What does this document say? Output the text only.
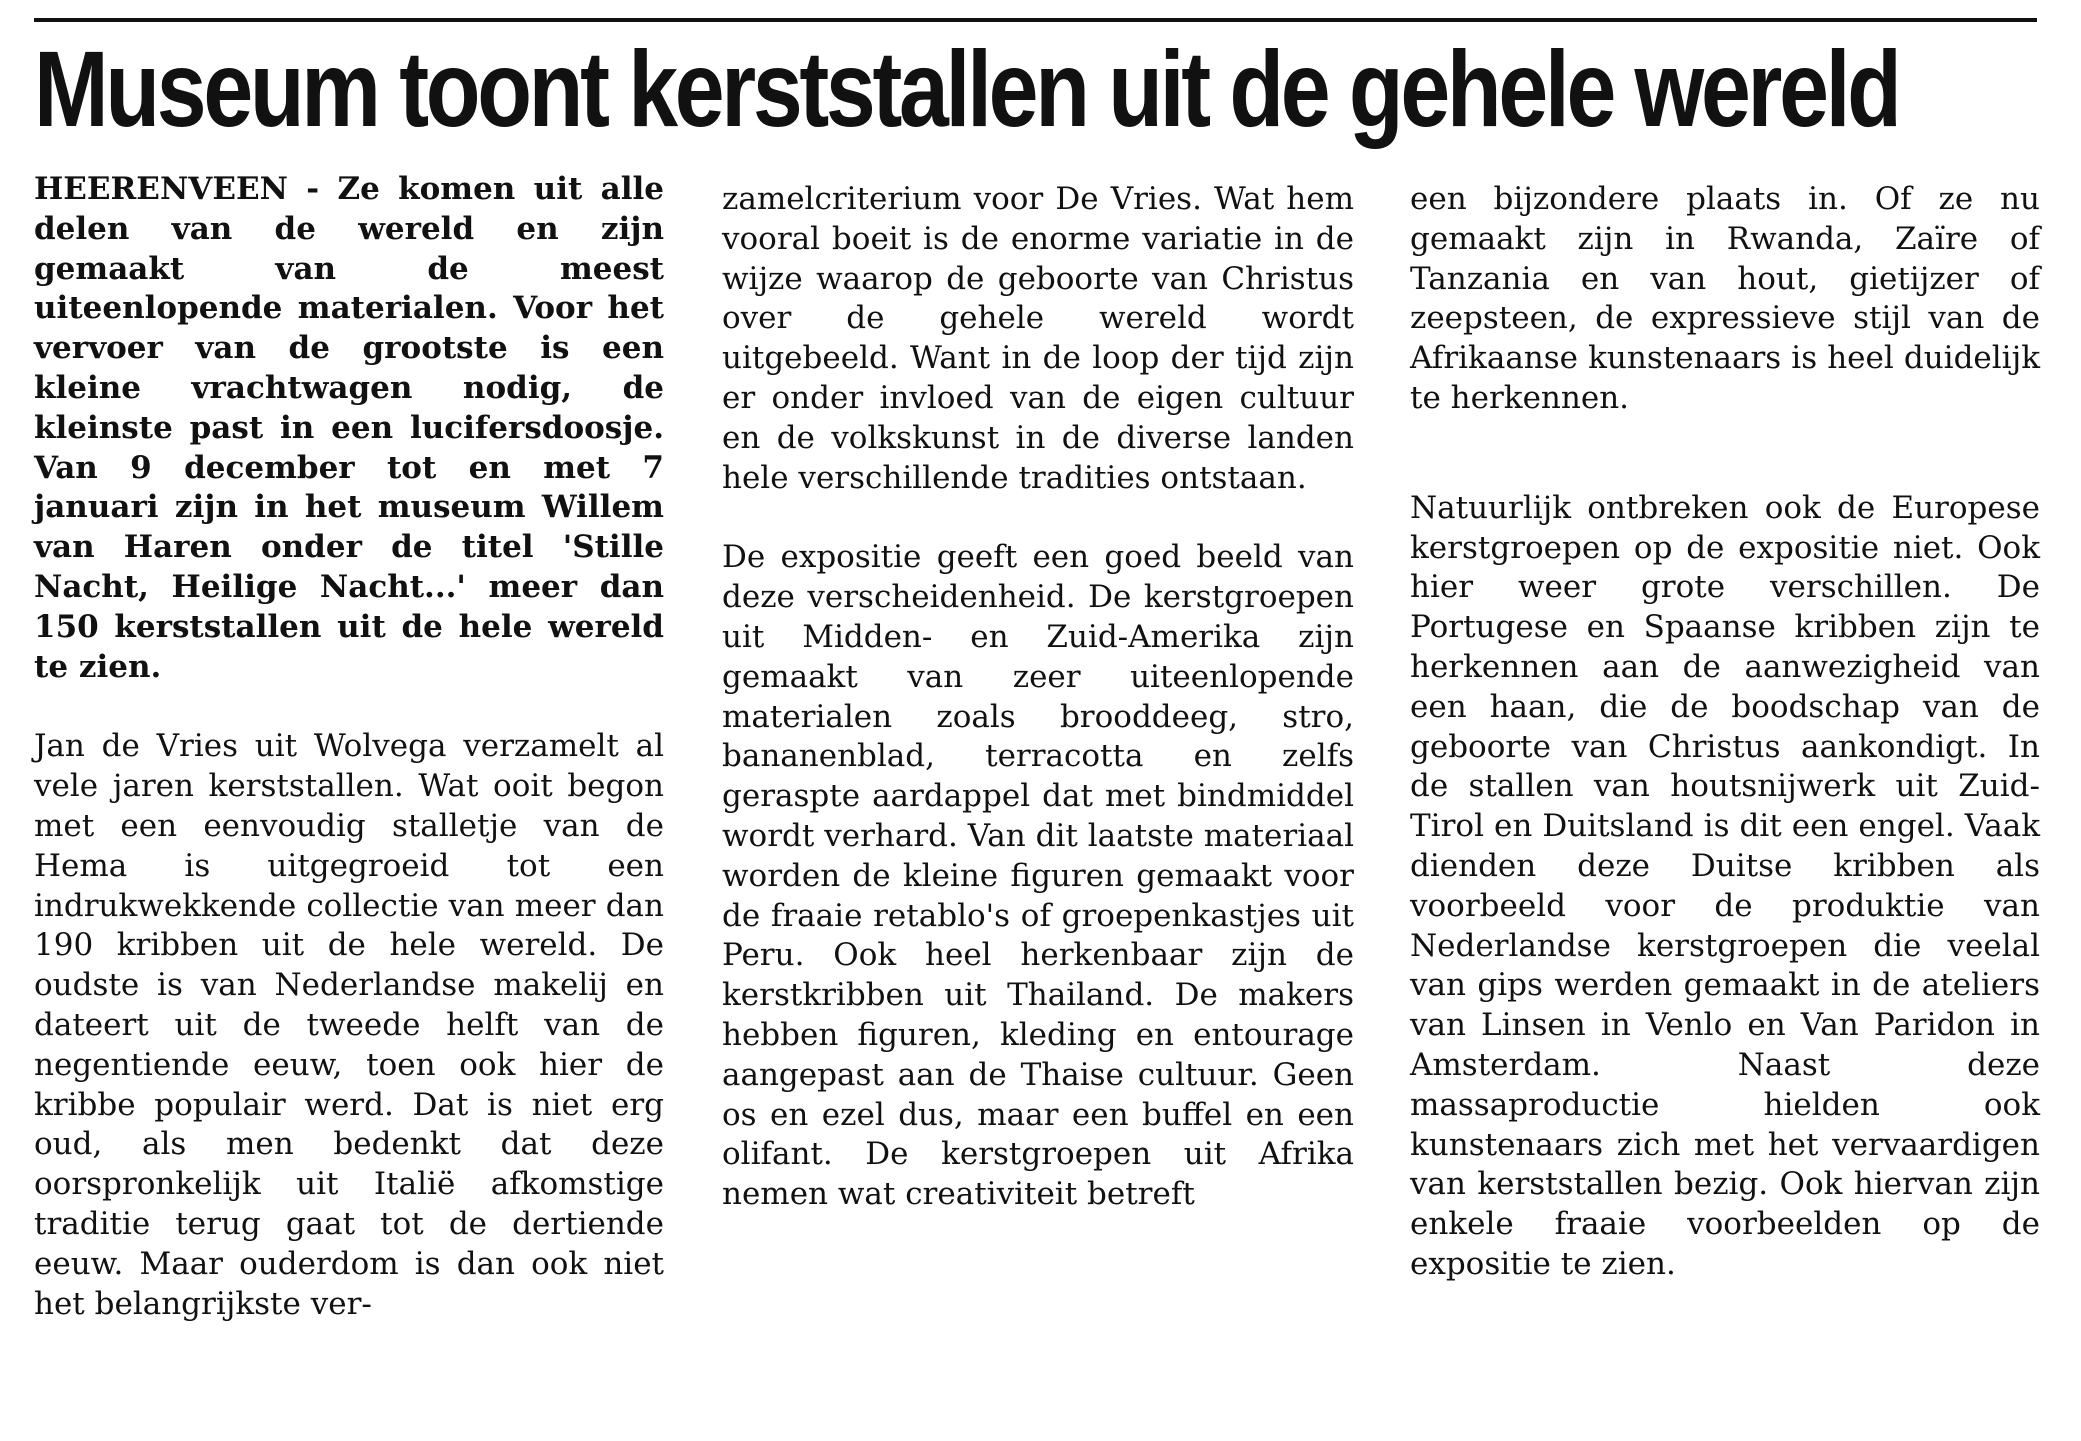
Museum toont kerststallen uit de gehele wereld

HEERENVEEN - Ze komen uit alle delen van de wereld en zijn gemaakt van de meest uiteenlopende materialen. Voor het vervoer van de grootste is een kleine vrachtwagen nodig, de kleinste past in een lucifersdoosje. Van 9 december tot en met 7 januari zijn in het museum Willem van Haren onder de titel 'Stille Nacht, Heilige Nacht...' meer dan 150 kerststallen uit de hele wereld te zien.

Jan de Vries uit Wolvega verzamelt al vele jaren kerststallen. Wat ooit begon met een eenvoudig stalletje van de Hema is uitgegroeid tot een indrukwekkende collectie van meer dan 190 kribben uit de hele wereld. De oudste is van Nederlandse makelij en dateert uit de tweede helft van de negentiende eeuw, toen ook hier de kribbe populair werd. Dat is niet erg oud, als men bedenkt dat deze oorspronkelijk uit Italië afkomstige traditie terug gaat tot de dertiende eeuw. Maar ouderdom is dan ook niet het belangrijkste ver-

zamelcriterium voor De Vries. Wat hem vooral boeit is de enorme variatie in de wijze waarop de geboorte van Christus over de gehele wereld wordt uitgebeeld. Want in de loop der tijd zijn er onder invloed van de eigen cultuur en de volkskunst in de diverse landen hele verschillende tradities ontstaan.

De expositie geeft een goed beeld van deze verscheidenheid. De kerstgroepen uit Midden- en Zuid-Amerika zijn gemaakt van zeer uiteenlopende materialen zoals brooddeeg, stro, bananenblad, terracotta en zelfs geraspte aardappel dat met bindmiddel wordt verhard. Van dit laatste materiaal worden de kleine figuren gemaakt voor de fraaie retablo's of groepenkastjes uit Peru. Ook heel herkenbaar zijn de kerstkribben uit Thailand. De makers hebben figuren, kleding en entourage aangepast aan de Thaise cultuur. Geen os en ezel dus, maar een buffel en een olifant. De kerstgroepen uit Afrika nemen wat creativiteit betreft

een bijzondere plaats in. Of ze nu gemaakt zijn in Rwanda, Zaïre of Tanzania en van hout, gietijzer of zeepsteen, de expressieve stijl van de Afrikaanse kunstenaars is heel duidelijk te herkennen.

Natuurlijk ontbreken ook de Europese kerstgroepen op de expositie niet. Ook hier weer grote verschillen. De Portugese en Spaanse kribben zijn te herkennen aan de aanwezigheid van een haan, die de boodschap van de geboorte van Christus aankondigt. In de stallen van houtsnijwerk uit Zuid-Tirol en Duitsland is dit een engel. Vaak dienden deze Duitse kribben als voorbeeld voor de produktie van Nederlandse kerstgroepen die veelal van gips werden gemaakt in de ateliers van Linsen in Venlo en Van Paridon in Amsterdam. Naast deze massaproductie hielden ook kunstenaars zich met het vervaardigen van kerststallen bezig. Ook hiervan zijn enkele fraaie voorbeelden op de expositie te zien.
